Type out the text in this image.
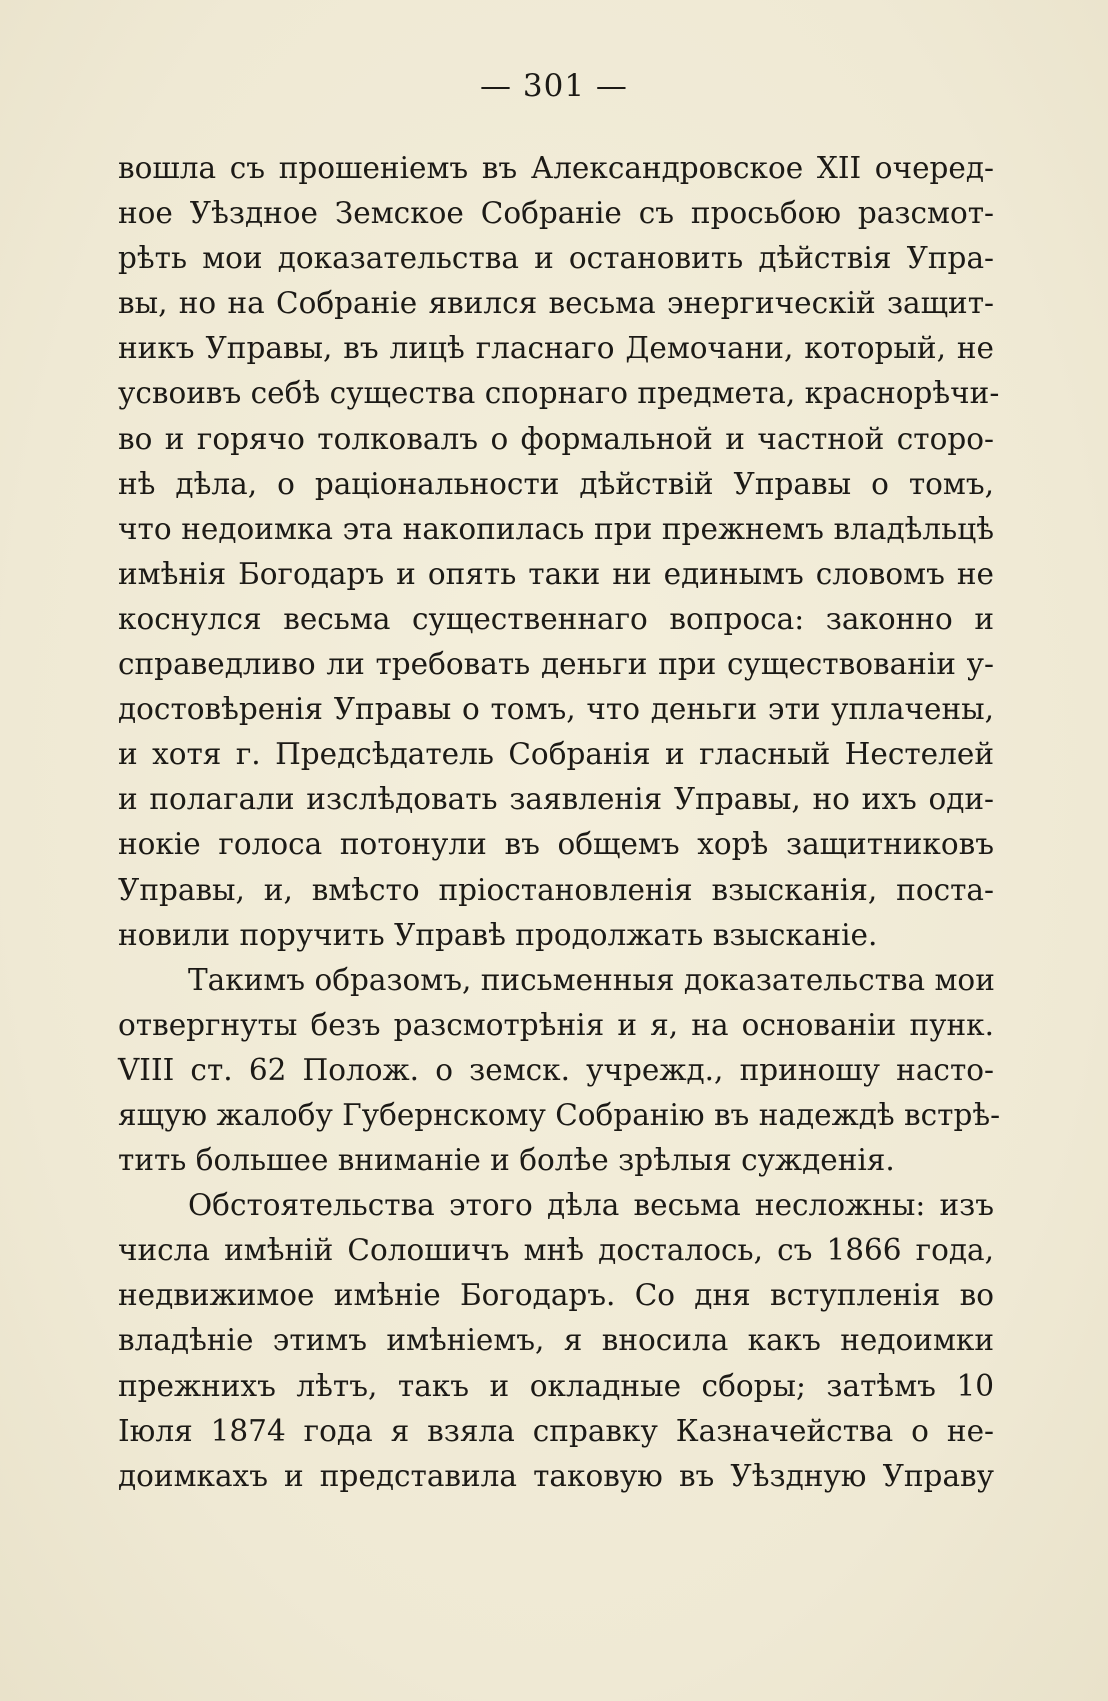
— 301 —
вошла съ прошеніемъ въ Александровское XII очеред-
ное Уѣздное Земское Собраніе съ просьбою разсмот-
рѣть мои доказательства и остановить дѣйствія Упра-
вы, но на Собраніе явился весьма энергическій защит-
никъ Управы, въ лицѣ гласнаго Демочани, который, не
усвоивъ себѣ существа спорнаго предмета, краснорѣчи-
во и горячо толковалъ о формальной и частной сторо-
нѣ дѣла, о раціональности дѣйствій Управы о томъ,
что недоимка эта накопилась при прежнемъ владѣльцѣ
имѣнія Богодаръ и опять таки ни единымъ словомъ не
коснулся весьма существеннаго вопроса: законно и
справедливо ли требовать деньги при существованіи у-
достовѣренія Управы о томъ, что деньги эти уплачены,
и хотя г. Предсѣдатель Собранія и гласный Нестелей
и полагали изслѣдовать заявленія Управы, но ихъ оди-
нокіе голоса потонули въ общемъ хорѣ защитниковъ
Управы, и, вмѣсто пріостановленія взысканія, поста-
новили поручить Управѣ продолжать взысканіе.
Такимъ образомъ, письменныя доказательства мои
отвергнуты безъ разсмотрѣнія и я, на основаніи пунк.
VIII ст. 62 Полож. о земск. учрежд., приношу насто-
ящую жалобу Губернскому Собранію въ надеждѣ встрѣ-
тить большее вниманіе и болѣе зрѣлыя сужденія.
Обстоятельства этого дѣла весьма несложны: изъ
числа имѣній Солошичъ мнѣ досталось, съ 1866 года,
недвижимое имѣніе Богодаръ. Со дня вступленія во
владѣніе этимъ имѣніемъ, я вносила какъ недоимки
прежнихъ лѣтъ, такъ и окладные сборы; затѣмъ 10
Іюля 1874 года я взяла справку Казначейства о не-
доимкахъ и представила таковую въ Уѣздную Управу
